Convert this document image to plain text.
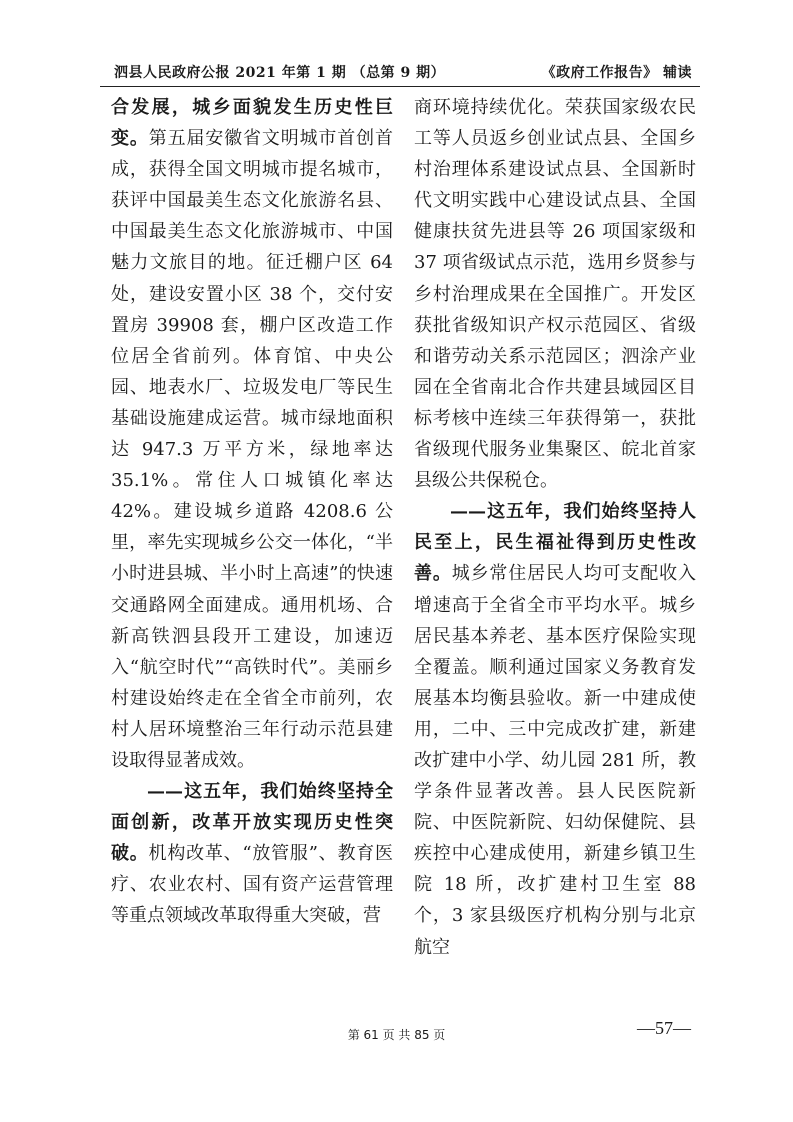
泗县人民政府公报 2021 年第 1 期 （总第 9 期）	《政府工作报告》 辅读

合发展，城乡面貌发生历史性巨变。第五届安徽省文明城市首创首成，获得全国文明城市提名城市，获评中国最美生态文化旅游名县、中国最美生态文化旅游城市、中国魅力文旅目的地。征迁棚户区 64 处，建设安置小区 38 个，交付安置房 39908 套，棚户区改造工作位居全省前列。体育馆、中央公园、地表水厂、垃圾发电厂等民生基础设施建成运营。城市绿地面积达 947.3 万平方米，绿地率达 35.1%。常住人口城镇化率达 42%。建设城乡道路 4208.6 公里，率先实现城乡公交一体化，“半小时进县城、半小时上高速”的快速交通路网全面建成。通用机场、合新高铁泗县段开工建设，加速迈入“航空时代”“高铁时代”。美丽乡村建设始终走在全省全市前列，农村人居环境整治三年行动示范县建设取得显著成效。

——这五年，我们始终坚持全面创新，改革开放实现历史性突破。机构改革、“放管服”、教育医疗、农业农村、国有资产运营管理等重点领域改革取得重大突破，营

商环境持续优化。荣获国家级农民工等人员返乡创业试点县、全国乡村治理体系建设试点县、全国新时代文明实践中心建设试点县、全国健康扶贫先进县等 26 项国家级和 37 项省级试点示范，选用乡贤参与乡村治理成果在全国推广。开发区获批省级知识产权示范园区、省级和谐劳动关系示范园区；泗涂产业园在全省南北合作共建县域园区目标考核中连续三年获得第一，获批省级现代服务业集聚区、皖北首家县级公共保税仓。

——这五年，我们始终坚持人民至上，民生福祉得到历史性改善。城乡常住居民人均可支配收入增速高于全省全市平均水平。城乡居民基本养老、基本医疗保险实现全覆盖。顺利通过国家义务教育发展基本均衡县验收。新一中建成使用，二中、三中完成改扩建，新建改扩建中小学、幼儿园 281 所，教学条件显著改善。县人民医院新院、中医院新院、妇幼保健院、县疾控中心建成使用，新建乡镇卫生院 18 所，改扩建村卫生室 88 个，3 家县级医疗机构分别与北京航空

第 61 页 共 85 页	—57—
